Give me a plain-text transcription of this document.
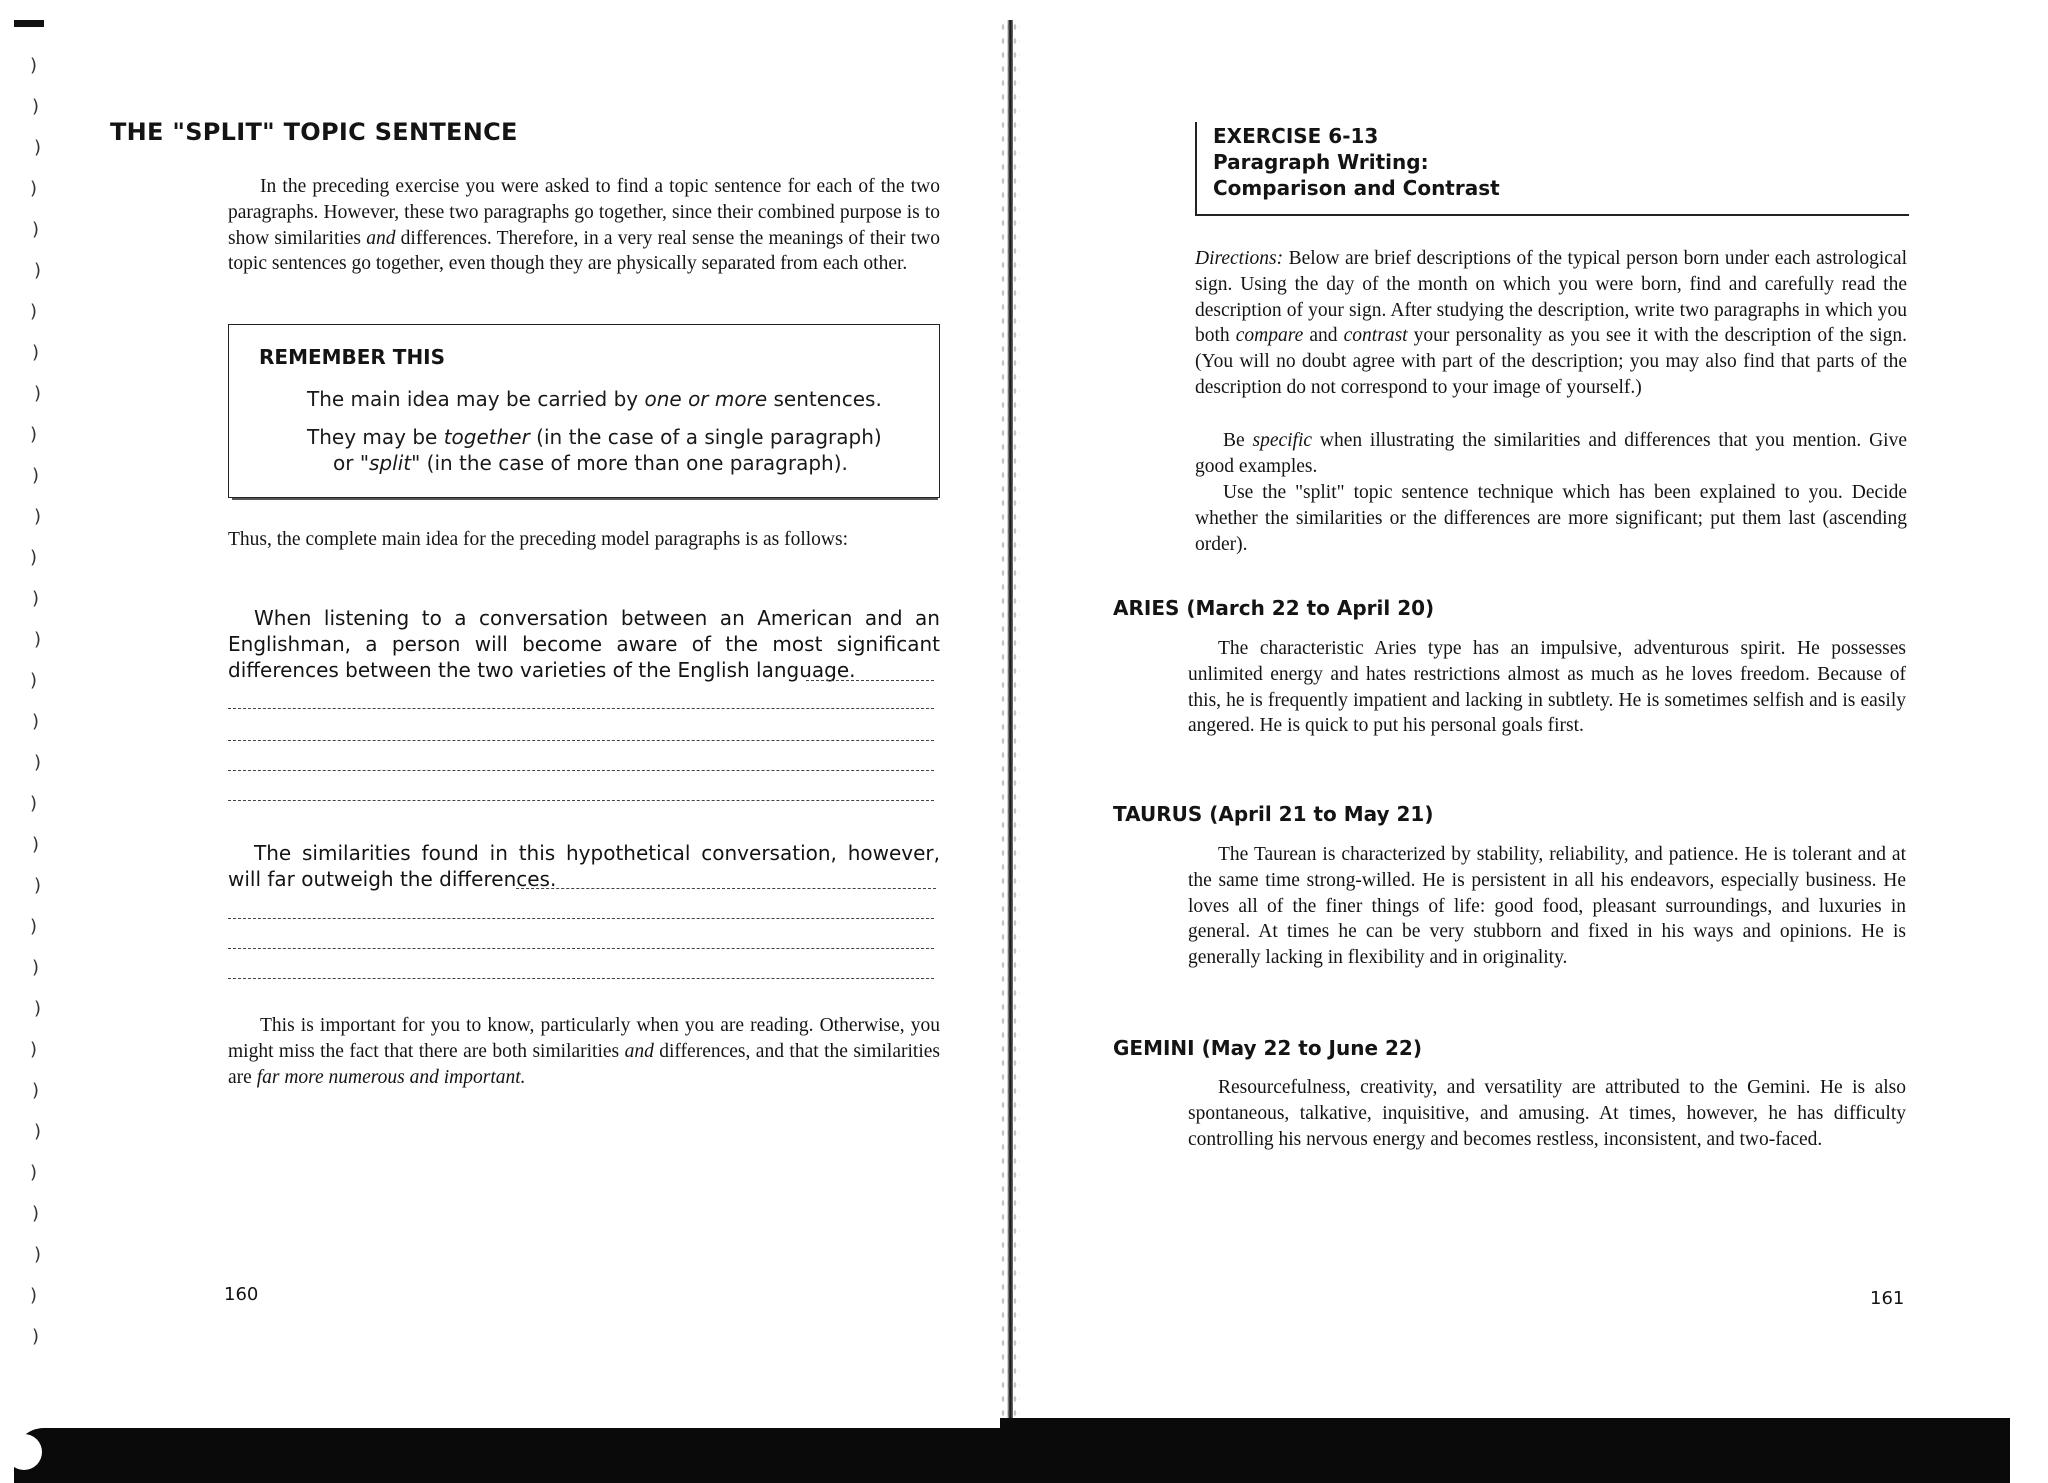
)
)
)
)
)
)
)
)
)
)
)
)
)
)
)
)
)
)
)
)
)
)
)
)
)
)
)
)
)
)
)
)
THE "SPLIT" TOPIC SENTENCE
In the preceding exercise you were asked to find a topic sentence for each of the two paragraphs. However, these two paragraphs go together, since their combined purpose is to show similarities and differences. Therefore, in a very real sense the meanings of their two topic sentences go together, even though they are physically separated from each other.
REMEMBER THIS
The main idea may be carried by one or more sentences.
They may be together (in the case of a single paragraph)
or "split" (in the case of more than one paragraph).
Thus, the complete main idea for the preceding model paragraphs is as follows:
When listening to a conversation between an American and an Englishman, a person will become aware of the most significant differences between the two varieties of the English language.
The similarities found in this hypothetical conversation, however, will far outweigh the differences.
This is important for you to know, particularly when you are reading. Otherwise, you might miss the fact that there are both similarities and differences, and that the similarities are far more numerous and important.
160
EXERCISE 6-13
Paragraph Writing:
Comparison and Contrast
Directions: Below are brief descriptions of the typical person born under each astrological sign. Using the day of the month on which you were born, find and carefully read the description of your sign. After studying the description, write two paragraphs in which you both compare and contrast your personality as you see it with the description of the sign. (You will no doubt agree with part of the description; you may also find that parts of the description do not correspond to your image of yourself.)
Be specific when illustrating the similarities and differences that you mention. Give good examples.
Use the "split" topic sentence technique which has been explained to you. Decide whether the similarities or the differences are more significant; put them last (ascending order).
ARIES (March 22 to April 20)
The characteristic Aries type has an impulsive, adventurous spirit. He possesses unlimited energy and hates restrictions almost as much as he loves freedom. Because of this, he is frequently impatient and lacking in subtlety. He is sometimes selfish and is easily angered. He is quick to put his personal goals first.
TAURUS (April 21 to May 21)
The Taurean is characterized by stability, reliability, and patience. He is tolerant and at the same time strong-willed. He is persistent in all his endeavors, especially business. He loves all of the finer things of life: good food, pleasant surroundings, and luxuries in general. At times he can be very stubborn and fixed in his ways and opinions. He is generally lacking in flexibility and in originality.
GEMINI (May 22 to June 22)
Resourcefulness, creativity, and versatility are attributed to the Gemini. He is also spontaneous, talkative, inquisitive, and amusing. At times, however, he has difficulty controlling his nervous energy and becomes restless, inconsistent, and two-faced.
161
